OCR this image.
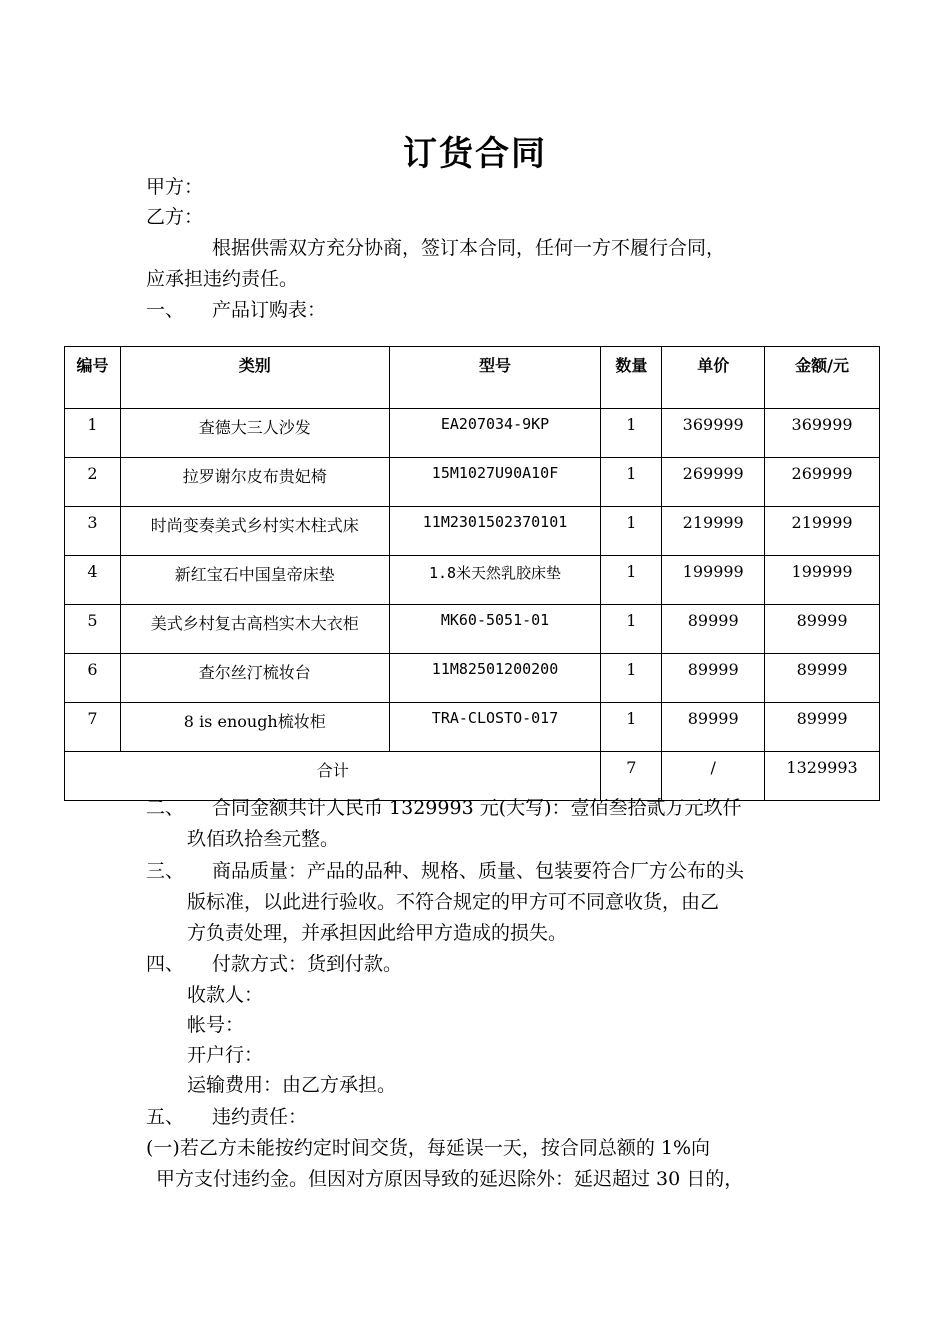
订货合同
甲方：
乙方：
根据供需双方充分协商，签订本合同，任何一方不履行合同，
应承担违约责任。
一、 产品订购表：
编号	类别	型号	数量	单价	金额/元
1	查德大三人沙发	EA207034-9KP	1	369999	369999
2	拉罗谢尔皮布贵妃椅	15M1027U90A10F	1	269999	269999
3	时尚变奏美式乡村实木柱式床	11M2301502370101	1	219999	219999
4	新红宝石中国皇帝床垫	1.8米天然乳胶床垫	1	199999	199999
5	美式乡村复古高档实木大衣柜	MK60-5051-01	1	89999	89999
6	查尔丝汀梳妆台	11M82501200200	1	89999	89999
7	8 is enough梳妆柜	TRA-CLOSTO-017	1	89999	89999
合计			7	/	1329993
二、 合同金额共计人民币 1329993 元(大写)：壹佰叁拾贰万元玖仟
玖佰玖拾叁元整。
三、 商品质量：产品的品种、规格、质量、包装要符合厂方公布的头
版标准，以此进行验收。不符合规定的甲方可不同意收货，由乙
方负责处理，并承担因此给甲方造成的损失。
四、 付款方式：货到付款。
收款人：
帐号：
开户行：
运输费用：由乙方承担。
五、 违约责任：
(一)若乙方未能按约定时间交货，每延误一天，按合同总额的 1%向
甲方支付违约金。但因对方原因导致的延迟除外：延迟超过 30 日的，
